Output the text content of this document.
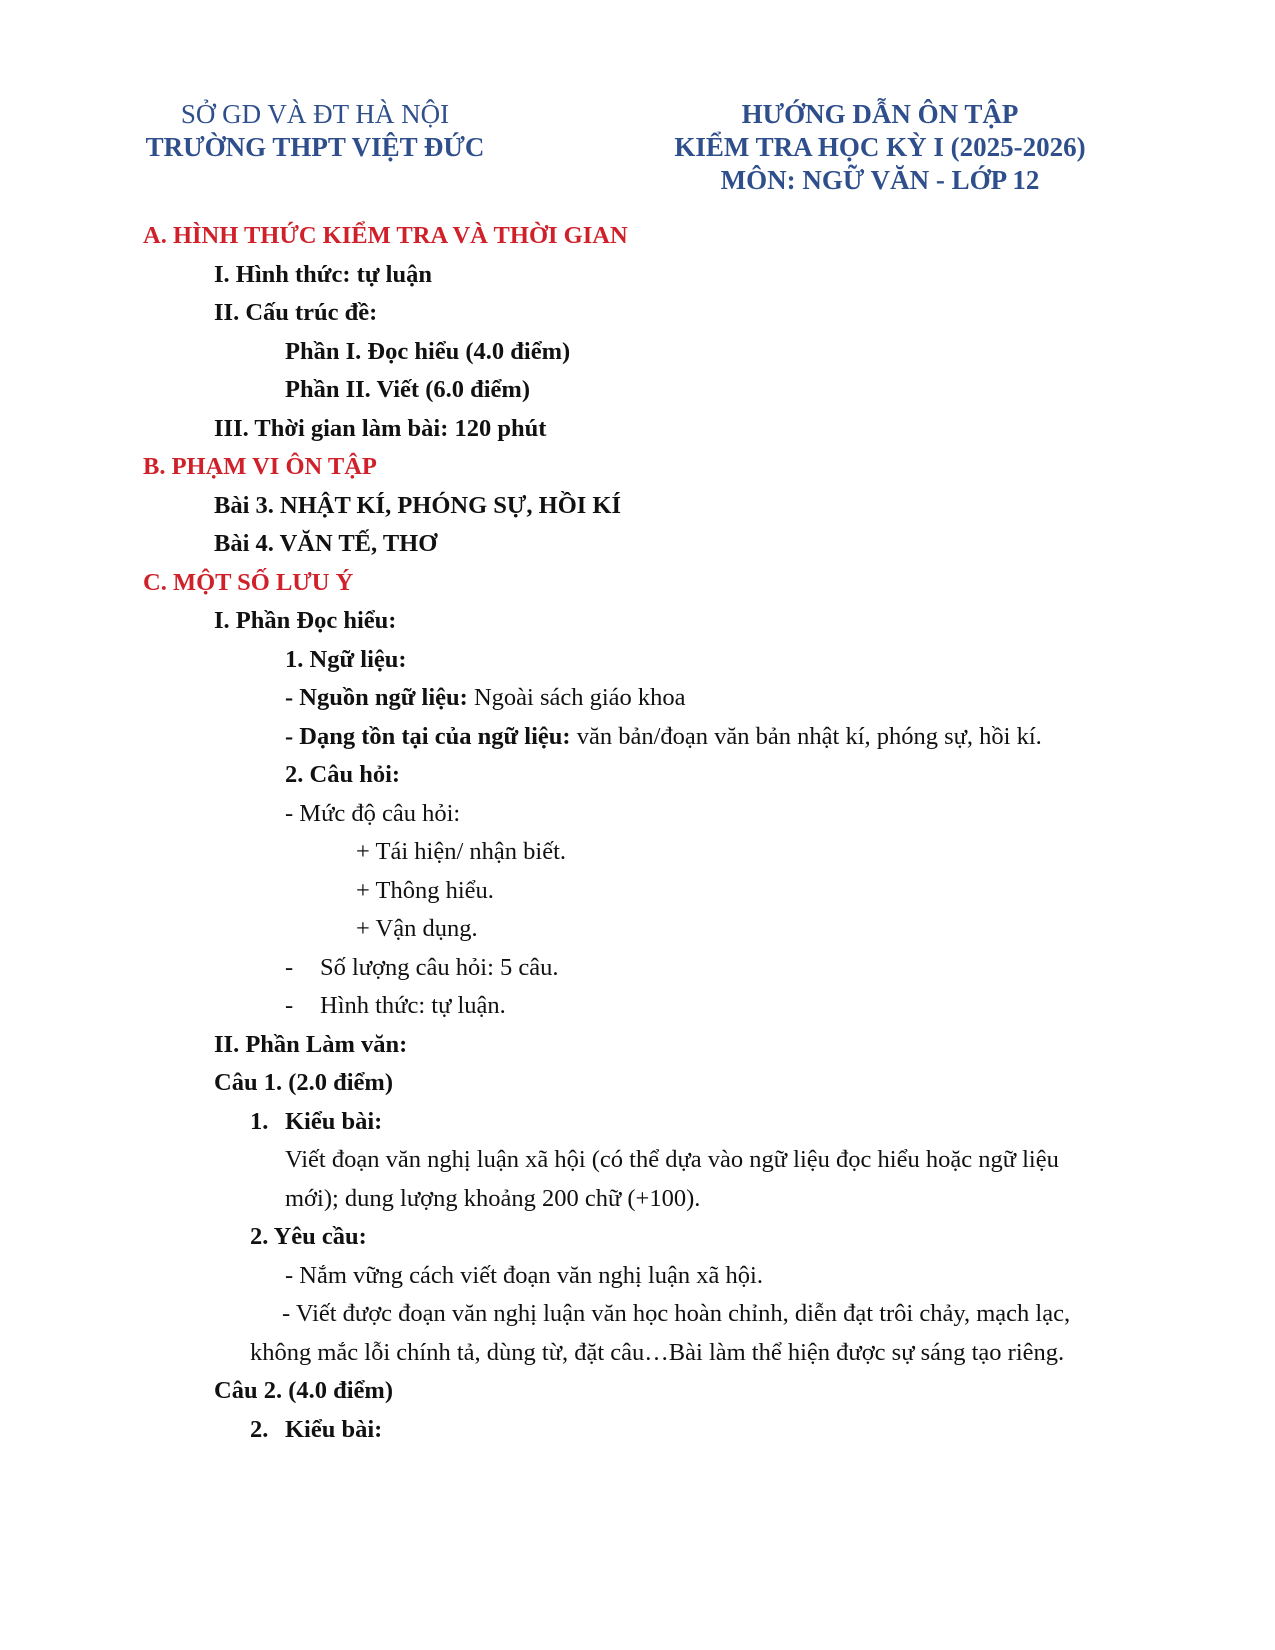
SỞ GD VÀ ĐT HÀ NỘI
TRƯỜNG THPT VIỆT ĐỨC
HƯỚNG DẪN ÔN TẬP
KIỂM TRA HỌC KỲ I (2025-2026)
MÔN: NGỮ VĂN - LỚP 12
A. HÌNH THỨC KIỂM TRA VÀ THỜI GIAN
I. Hình thức: tự luận
II. Cấu trúc đề:
Phần I. Đọc hiểu (4.0 điểm)
Phần II. Viết (6.0 điểm)
III. Thời gian làm bài: 120 phút
B. PHẠM VI ÔN TẬP
Bài 3. NHẬT KÍ, PHÓNG SỰ, HỒI KÍ
Bài 4. VĂN TẾ, THƠ
C. MỘT SỐ LƯU Ý
I. Phần Đọc hiểu:
1. Ngữ liệu:
- Nguồn ngữ liệu: Ngoài sách giáo khoa
- Dạng tồn tại của ngữ liệu: văn bản/đoạn văn bản nhật kí, phóng sự, hồi kí.
2. Câu hỏi:
- Mức độ câu hỏi:
+ Tái hiện/ nhận biết.
+ Thông hiểu.
+ Vận dụng.
- Số lượng câu hỏi: 5 câu.
- Hình thức: tự luận.
II. Phần Làm văn:
Câu 1. (2.0 điểm)
1. Kiểu bài:
Viết đoạn văn nghị luận xã hội (có thể dựa vào ngữ liệu đọc hiểu hoặc ngữ liệu
mới); dung lượng khoảng 200 chữ (+100).
2. Yêu cầu:
- Nắm vững cách viết đoạn văn nghị luận xã hội.
- Viết được đoạn văn nghị luận văn học hoàn chỉnh, diễn đạt trôi chảy, mạch lạc,
không mắc lỗi chính tả, dùng từ, đặt câu…Bài làm thể hiện được sự sáng tạo riêng.
Câu 2. (4.0 điểm)
2. Kiểu bài:
